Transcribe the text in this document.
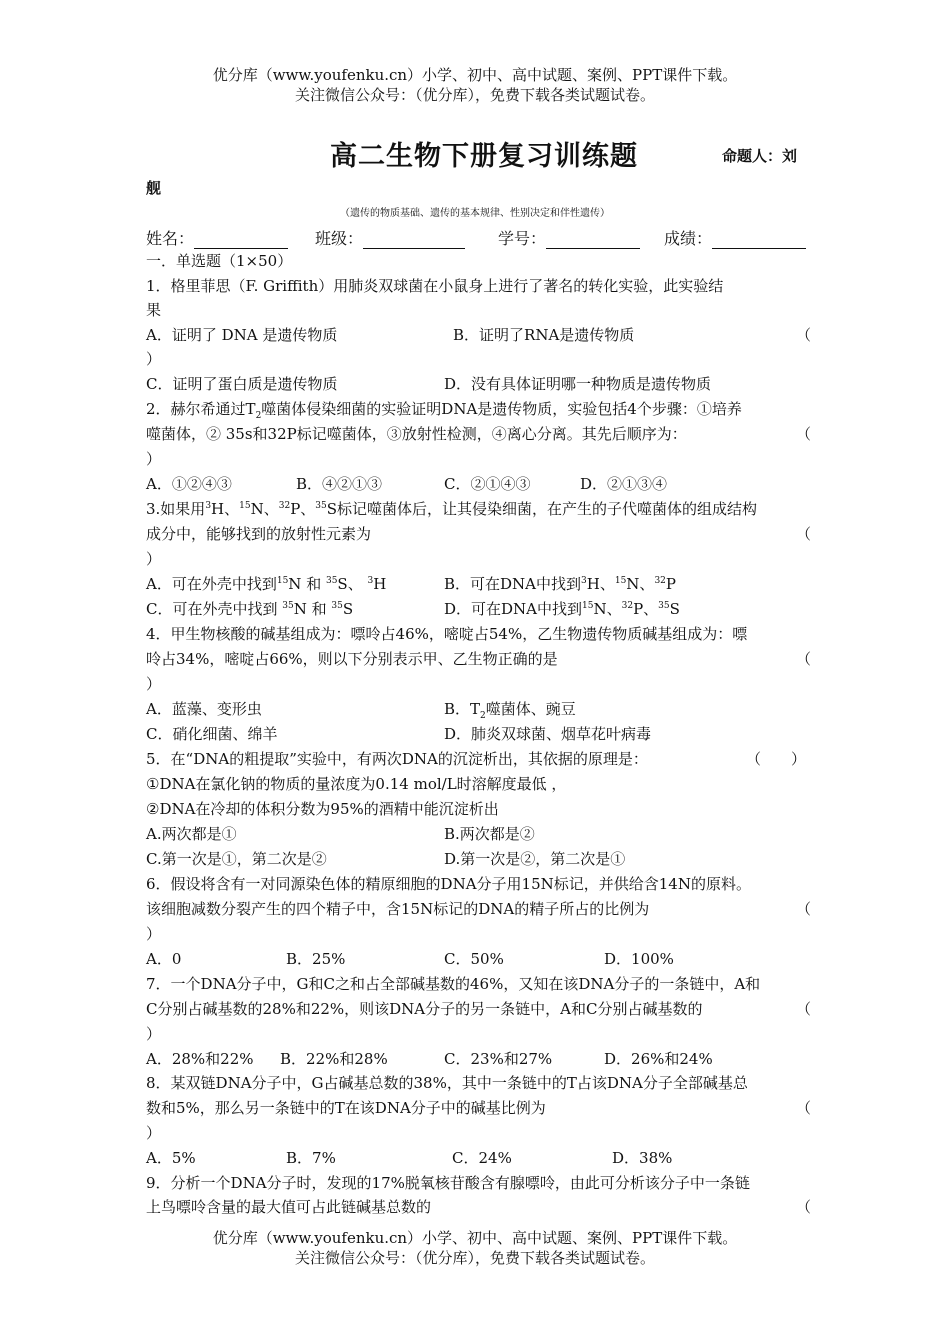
优分库（www.youfenku.cn）小学、初中、高中试题、案例、PPT课件下载。
关注微信公众号：（优分库），免费下载各类试题试卷。
高二生物下册复习训练题	命题人：刘
舰
（遗传的物质基础、遗传的基本规律、性别决定和伴性遗传）
姓名：	班级：	学号：	成绩：
一．单选题（1×50）
1．格里菲思（F. Griffith）用肺炎双球菌在小鼠身上进行了著名的转化实验，此实验结
果
A．证明了 DNA 是遗传物质	B．证明了RNA是遗传物质	（
）
C．证明了蛋白质是遗传物质	D．没有具体证明哪一种物质是遗传物质
2．赫尔希通过$T_2$噬菌体侵染细菌的实验证明DNA是遗传物质，实验包括4个步骤：①培养
噬菌体，② 35s和32P标记噬菌体，③放射性检测，④离心分离。其先后顺序为：	（
）
A．①②④③	B．④②①③	C．②①④③	D．②①③④
3.如果用$^3$H、$^{15}$N、$^{32}$P、$^{35}$S标记噬菌体后，让其侵染细菌，在产生的子代噬菌体的组成结构
成分中，能够找到的放射性元素为	（
）
A．可在外壳中找到$^{15}$N 和 $^{35}$S、 $^3$H	B．可在DNA中找到$^3$H、$^{15}$N、$^{32}$P
C．可在外壳中找到 $^{35}$N 和 $^{35}$S	D．可在DNA中找到$^{15}$N、$^{32}$P、$^{35}$S
4．甲生物核酸的碱基组成为：嘌呤占46%，嘧啶占54%，乙生物遗传物质碱基组成为：嘌
呤占34%，嘧啶占66%，则以下分别表示甲、乙生物正确的是	（
）
A．蓝藻、变形虫	B．$T_2$噬菌体、豌豆
C．硝化细菌、绵羊	D．肺炎双球菌、烟草花叶病毒
5．在“DNA的粗提取”实验中，有两次DNA的沉淀析出，其依据的原理是：	（　　）
①DNA在氯化钠的物质的量浓度为0.14 mol/L时溶解度最低 ，
②DNA在冷却的体积分数为95%的酒精中能沉淀析出
A.两次都是①	B.两次都是②
C.第一次是①，第二次是②	D.第一次是②，第二次是①
6．假设将含有一对同源染色体的精原细胞的DNA分子用15N标记，并供给含14N的原料。
该细胞减数分裂产生的四个精子中，含15N标记的DNA的精子所占的比例为	（
）
A．0	B．25%	C．50%	D．100%
7．一个DNA分子中，G和C之和占全部碱基数的46%，又知在该DNA分子的一条链中，A和
C分别占碱基数的28%和22%，则该DNA分子的另一条链中，A和C分别占碱基数的	（
）
A．28%和22% B．22%和28%	C．23%和27%	D．26%和24%
8．某双链DNA分子中，G占碱基总数的38%，其中一条链中的T占该DNA分子全部碱基总
数和5%，那么另一条链中的T在该DNA分子中的碱基比例为	（
）
A．5%	B．7%	C．24%	D．38%
9．分析一个DNA分子时，发现的17%脱氧核苷酸含有腺嘌呤，由此可分析该分子中一条链
上鸟嘌呤含量的最大值可占此链碱基总数的	（
优分库（www.youfenku.cn）小学、初中、高中试题、案例、PPT课件下载。
关注微信公众号：（优分库），免费下载各类试题试卷。
